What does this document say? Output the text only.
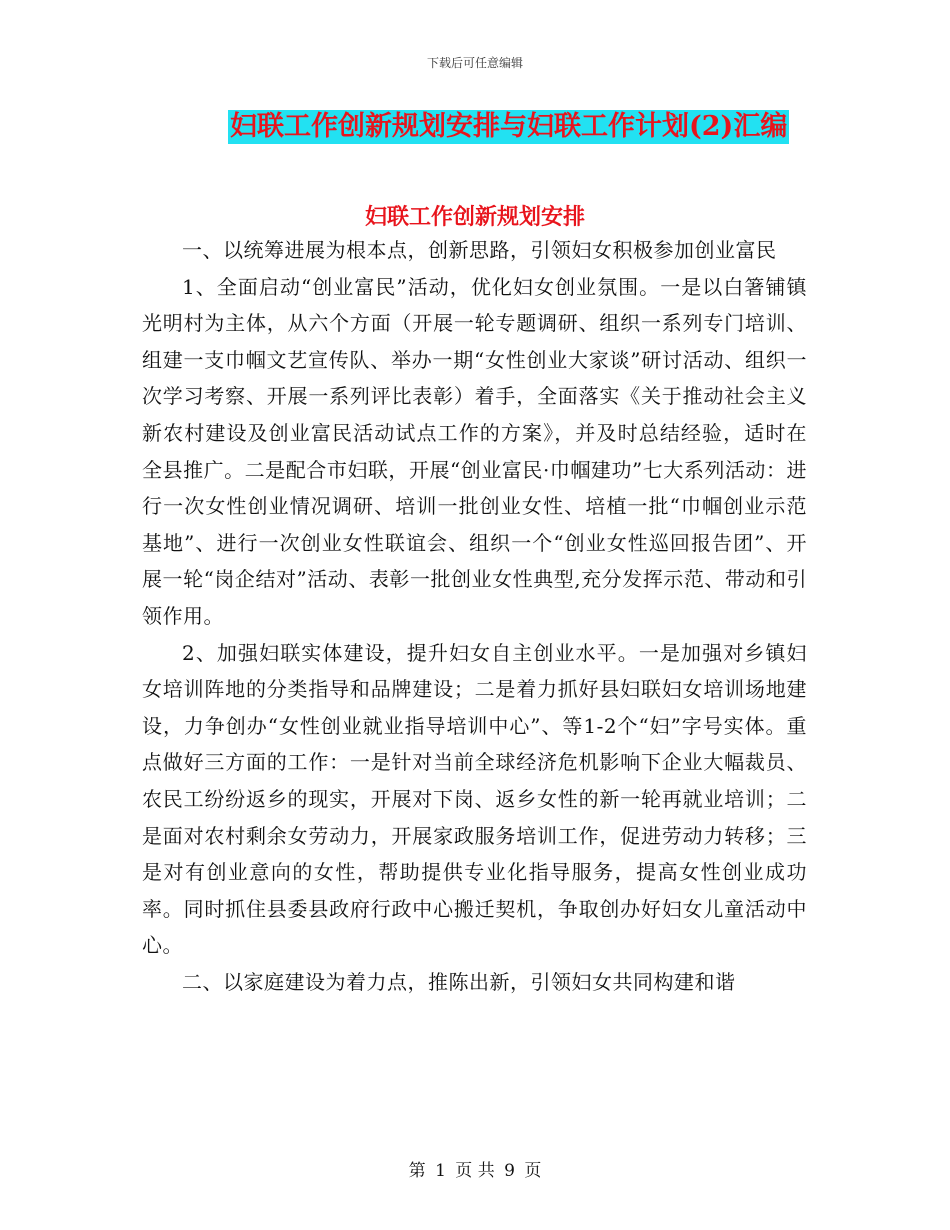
下载后可任意编辑
妇联工作创新规划安排与妇联工作计划(2)汇编
妇联工作创新规划安排

一、以统筹进展为根本点，创新思路，引领妇女积极参加创业富民

1、全面启动“创业富民”活动，优化妇女创业氛围。一是以白箸铺镇光明村为主体，从六个方面（开展一轮专题调研、组织一系列专门培训、组建一支巾帼文艺宣传队、举办一期“女性创业大家谈”研讨活动、组织一次学习考察、开展一系列评比表彰）着手，全面落实《关于推动社会主义新农村建设及创业富民活动试点工作的方案》，并及时总结经验，适时在全县推广。二是配合市妇联，开展“创业富民·巾帼建功”七大系列活动：进行一次女性创业情况调研、培训一批创业女性、培植一批“巾帼创业示范基地”、进行一次创业女性联谊会、组织一个“创业女性巡回报告团”、开展一轮“岗企结对”活动、表彰一批创业女性典型,充分发挥示范、带动和引领作用。

2、加强妇联实体建设，提升妇女自主创业水平。一是加强对乡镇妇女培训阵地的分类指导和品牌建设；二是着力抓好县妇联妇女培训场地建设，力争创办“女性创业就业指导培训中心”、等1-2个“妇”字号实体。重点做好三方面的工作：一是针对当前全球经济危机影响下企业大幅裁员、农民工纷纷返乡的现实，开展对下岗、返乡女性的新一轮再就业培训；二是面对农村剩余女劳动力，开展家政服务培训工作，促进劳动力转移；三是对有创业意向的女性，帮助提供专业化指导服务，提高女性创业成功率。同时抓住县委县政府行政中心搬迁契机，争取创办好妇女儿童活动中心。

二、以家庭建设为着力点，推陈出新，引领妇女共同构建和谐

第 1 页 共 9 页
